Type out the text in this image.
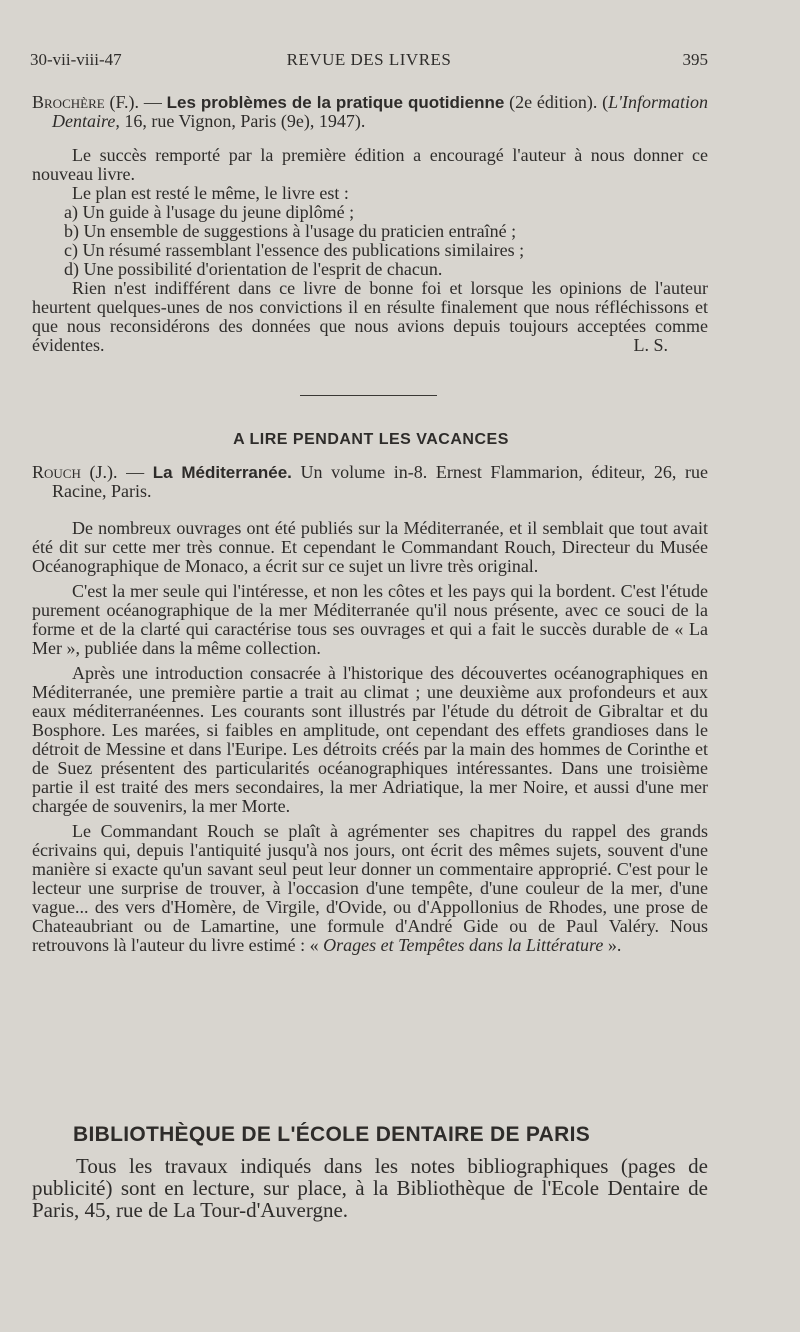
30-vii-viii-47	REVUE DES LIVRES	395

Brochère (F.). — Les problèmes de la pratique quotidienne (2e édition). (L'Information Dentaire, 16, rue Vignon, Paris (9e), 1947).

Le succès remporté par la première édition a encouragé l'auteur à nous donner ce nouveau livre.

Le plan est resté le même, le livre est :

a) Un guide à l'usage du jeune diplômé ;
b) Un ensemble de suggestions à l'usage du praticien entraîné ;
c) Un résumé rassemblant l'essence des publications similaires ;
d) Une possibilité d'orientation de l'esprit de chacun.

Rien n'est indifférent dans ce livre de bonne foi et lorsque les opinions de l'auteur heurtent quelques-unes de nos convictions il en résulte finalement que nous réfléchissons et que nous reconsidérons des données que nous avions depuis toujours acceptées comme évidentes.	L. S.

A LIRE PENDANT LES VACANCES

Rouch (J.). — La Méditerranée. Un volume in-8. Ernest Flammarion, éditeur, 26, rue Racine, Paris.

De nombreux ouvrages ont été publiés sur la Méditerranée, et il semblait que tout avait été dit sur cette mer très connue. Et cependant le Commandant Rouch, Directeur du Musée Océanographique de Monaco, a écrit sur ce sujet un livre très original.

C'est la mer seule qui l'intéresse, et non les côtes et les pays qui la bordent. C'est l'étude purement océanographique de la mer Méditerranée qu'il nous présente, avec ce souci de la forme et de la clarté qui caractérise tous ses ouvrages et qui a fait le succès durable de « La Mer », publiée dans la même collection.

Après une introduction consacrée à l'historique des découvertes océanographiques en Méditerranée, une première partie a trait au climat ; une deuxième aux profondeurs et aux eaux méditerranéennes. Les courants sont illustrés par l'étude du détroit de Gibraltar et du Bosphore. Les marées, si faibles en amplitude, ont cependant des effets grandioses dans le détroit de Messine et dans l'Euripe. Les détroits créés par la main des hommes de Corinthe et de Suez présentent des particularités océanographiques intéressantes. Dans une troisième partie il est traité des mers secondaires, la mer Adriatique, la mer Noire, et aussi d'une mer chargée de souvenirs, la mer Morte.

Le Commandant Rouch se plaît à agrémenter ses chapitres du rappel des grands écrivains qui, depuis l'antiquité jusqu'à nos jours, ont écrit des mêmes sujets, souvent d'une manière si exacte qu'un savant seul peut leur donner un commentaire approprié. C'est pour le lecteur une surprise de trouver, à l'occasion d'une tempête, d'une couleur de la mer, d'une vague... des vers d'Homère, de Virgile, d'Ovide, ou d'Appollonius de Rhodes, une prose de Chateaubriant ou de Lamartine, une formule d'André Gide ou de Paul Valéry. Nous retrouvons là l'auteur du livre estimé : « Orages et Tempêtes dans la Littérature ».

BIBLIOTHÈQUE DE L'ÉCOLE DENTAIRE DE PARIS

Tous les travaux indiqués dans les notes bibliographiques (pages de publicité) sont en lecture, sur place, à la Bibliothèque de l'Ecole Dentaire de Paris, 45, rue de La Tour-d'Auvergne.
